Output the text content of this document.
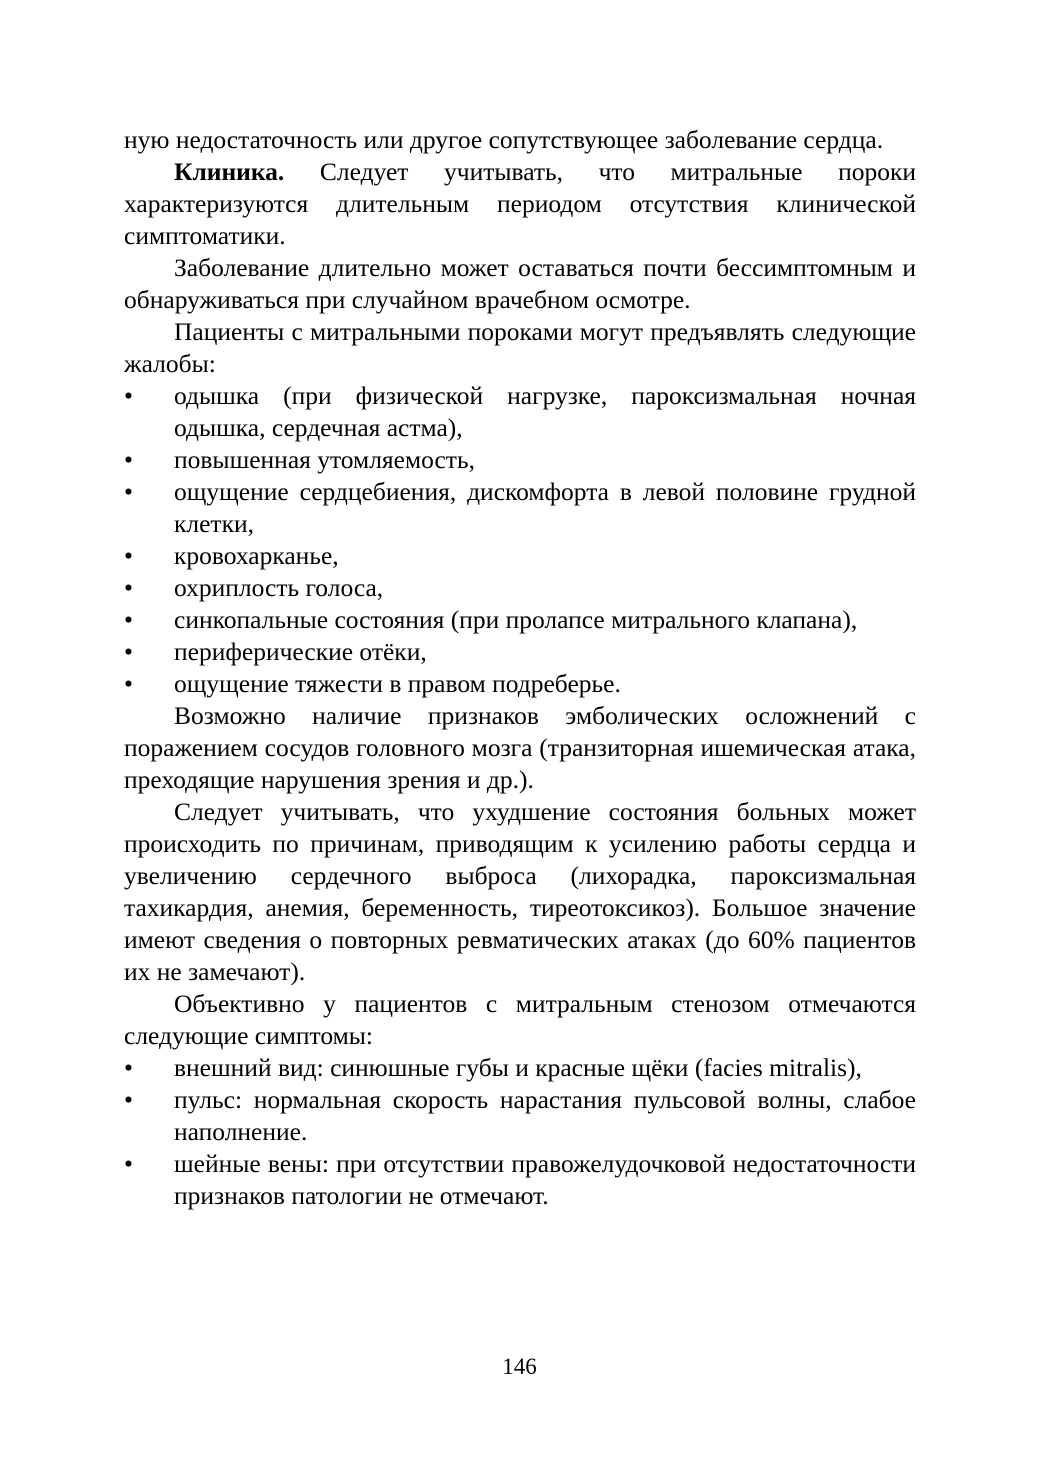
ную недостаточность или другое сопутствующее заболевание сердца.

Клиника. Следует учитывать, что митральные пороки характеризуются длительным периодом отсутствия клинической симптоматики.

Заболевание длительно может оставаться почти бессимптомным и обнаруживаться при случайном врачебном осмотре.

Пациенты с митральными пороками могут предъявлять следующие жалобы:

•	одышка (при физической нагрузке, пароксизмальная ночная одышка, сердечная астма),
•	повышенная утомляемость,
•	ощущение сердцебиения, дискомфорта в левой половине грудной клетки,
•	кровохарканье,
•	охриплость голоса,
•	синкопальные состояния (при пролапсе митрального клапана),
•	периферические отёки,
•	ощущение тяжести в правом подреберье.

Возможно наличие признаков эмболических осложнений с поражением сосудов головного мозга (транзиторная ишемическая атака, преходящие нарушения зрения и др.).

Следует учитывать, что ухудшение состояния больных может происходить по причинам, приводящим к усилению работы сердца и увеличению сердечного выброса (лихорадка, пароксизмальная тахикардия, анемия, беременность, тиреотоксикоз). Большое значение имеют сведения о повторных ревматических атаках (до 60% пациентов их не замечают).

Объективно у пациентов с митральным стенозом отмечаются следующие симптомы:

•	внешний вид: синюшные губы и красные щёки (facies mitralis),
•	пульс: нормальная скорость нарастания пульсовой волны, слабое наполнение.
•	шейные вены: при отсутствии правожелудочковой недостаточности признаков патологии не отмечают.
146
